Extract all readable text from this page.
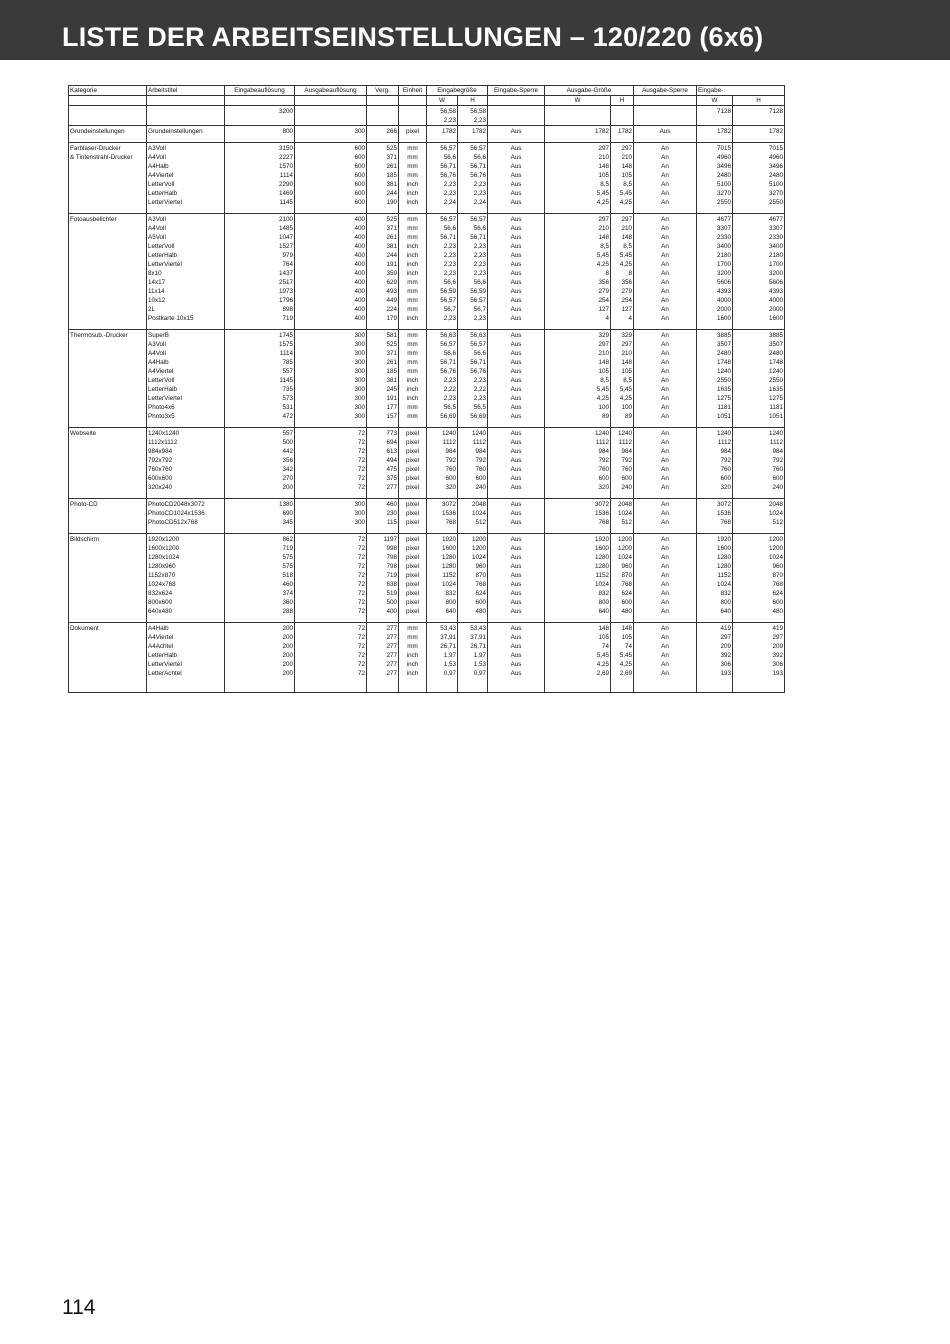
LISTE DER ARBEITSEINSTELLUNGEN – 120/220 (6x6)
Kategorie	Arbeitstitel	Eingabeauflösung	Ausgabeauflösung	Verg.	Einheit	Eingabegröße		Eingabe-Sperre	Ausgabe-Größe		Ausgabe-Sperre	Eingabe-	
						W	H		W	H		W	H
		3200				56,58	56,58					7128	7128
						2,23	2,23						
Grundeinstellungen	Grundeinstellungen	800	300	266	pixel	1782	1782	Aus	1782	1782	Aus	1782	1782

Farblaser-Drucker	A3Voll	3150	600	525	mm	56,57	56,57	Aus	297	297	An	7015	7015
& Tintenstrahl-Drucker	A4Voll	2227	600	371	mm	56,6	56,6	Aus	210	210	An	4960	4960
	A4Halb	1570	600	261	mm	56,71	56,71	Aus	148	148	An	3496	3496
	A4Viertel	1114	600	185	mm	56,76	56,76	Aus	105	105	An	2480	2480
	LetterVoll	2290	600	381	inch	2,23	2,23	Aus	8,5	8,5	An	5100	5100
	LetterHalb	1469	600	244	inch	2,23	2,23	Aus	5,45	5,45	An	3270	3270
	LetterViertel	1145	600	190	inch	2,24	2,24	Aus	4,25	4,25	An	2550	2550

Fotoausbelichter	A3Voll	2100	400	525	mm	56,57	56,57	Aus	297	297	An	4677	4677
	A4Voll	1485	400	371	mm	56,6	56,6	Aus	210	210	An	3307	3307
	A5Voll	1047	400	261	mm	56,71	56,71	Aus	148	148	An	2330	2330
	LetterVoll	1527	400	381	inch	2,23	2,23	Aus	8,5	8,5	An	3400	3400
	LetterHalb	979	400	244	inch	2,23	2,23	Aus	5,45	5,45	An	2180	2180
	LetterViertel	764	400	191	inch	2,23	2,23	Aus	4,25	4,25	An	1700	1700
	8x10	1437	400	359	inch	2,23	2,23	Aus	8	8	An	3200	3200
	14x17	2517	400	629	mm	56,6	56,6	Aus	356	356	An	5606	5606
	11x14	1973	400	493	mm	56,59	56,59	Aus	279	279	An	4393	4393
	10x12	1796	400	449	mm	56,57	56,57	Aus	254	254	An	4000	4000
	2L	898	400	224	mm	56,7	56,7	Aus	127	127	An	2000	2000
	Postkarte 10x15	719	400	179	inch	2,23	2,23	Aus	4	4	An	1600	1600

Thermosub.-Drucker	SuperB	1745	300	581	mm	56,63	56,63	Aus	329	329	An	3885	3885
	A3Voll	1575	300	525	mm	56,57	56,57	Aus	297	297	An	3507	3507
	A4Voll	1114	300	371	mm	56,6	56,6	Aus	210	210	An	2480	2480
	A4Halb	785	300	261	mm	56,71	56,71	Aus	148	148	An	1748	1748
	A4Viertel	557	300	185	mm	56,76	56,76	Aus	105	105	An	1240	1240
	LetterVoll	1145	300	381	inch	2,23	2,23	Aus	8,5	8,5	An	2550	2550
	LetterHalb	735	300	245	inch	2,22	2,22	Aus	5,45	5,45	An	1635	1635
	LetterViertel	573	300	191	inch	2,23	2,23	Aus	4,25	4,25	An	1275	1275
	Photo4x6	531	300	177	mm	56,5	56,5	Aus	100	100	An	1181	1181
	Photo3x5	472	300	157	mm	56,69	56,69	Aus	89	89	An	1051	1051

Webseite	1240x1240	557	72	773	pixel	1240	1240	Aus	1240	1240	An	1240	1240
	1112x1112	500	72	694	pixel	1112	1112	Aus	1112	1112	An	1112	1112
	984x984	442	72	613	pixel	984	984	Aus	984	984	An	984	984
	792x792	356	72	494	pixel	792	792	Aus	792	792	An	792	792
	760x760	342	72	475	pixel	760	760	Aus	760	760	An	760	760
	600x600	270	72	375	pixel	600	600	Aus	600	600	An	600	600
	320x240	200	72	277	pixel	320	240	Aus	320	240	An	320	240

Photo-CD	PhotoCD2048x3072	1380	300	460	pixel	3072	2048	Aus	3072	2048	An	3072	2048
	PhotoCD1024x1536	690	300	230	pixel	1536	1024	Aus	1536	1024	An	1536	1024
	PhotoCD512x768	345	300	115	pixel	768	512	Aus	768	512	An	768	512

Bildschirm	1920x1200	862	72	1197	pixel	1920	1200	Aus	1920	1200	An	1920	1200
	1600x1200	719	72	998	pixel	1600	1200	Aus	1600	1200	An	1600	1200
	1280x1024	575	72	798	pixel	1280	1024	Aus	1280	1024	An	1280	1024
	1280x960	575	72	798	pixel	1280	960	Aus	1280	960	An	1280	960
	1152x870	518	72	719	pixel	1152	870	Aus	1152	870	An	1152	870
	1024x768	460	72	638	pixel	1024	768	Aus	1024	768	An	1024	768
	832x624	374	72	519	pixel	832	624	Aus	832	624	An	832	624
	800x600	360	72	500	pixel	800	600	Aus	800	600	An	800	600
	640x480	288	72	400	pixel	640	480	Aus	640	480	An	640	480

Dokument	A4Halb	200	72	277	mm	53,43	53,43	Aus	148	148	An	419	419
	A4Viertel	200	72	277	mm	37,91	37,91	Aus	105	105	An	297	297
	A4Achtel	200	72	277	mm	26,71	26,71	Aus	74	74	An	209	209
	LetterHalb	200	72	277	inch	1,97	1,97	Aus	5,45	5,45	An	392	392
	LetterViertel	200	72	277	inch	1,53	1,53	Aus	4,25	4,25	An	306	306
	LetterAchtel	200	72	277	inch	0,97	0,97	Aus	2,69	2,69	An	193	193

114
